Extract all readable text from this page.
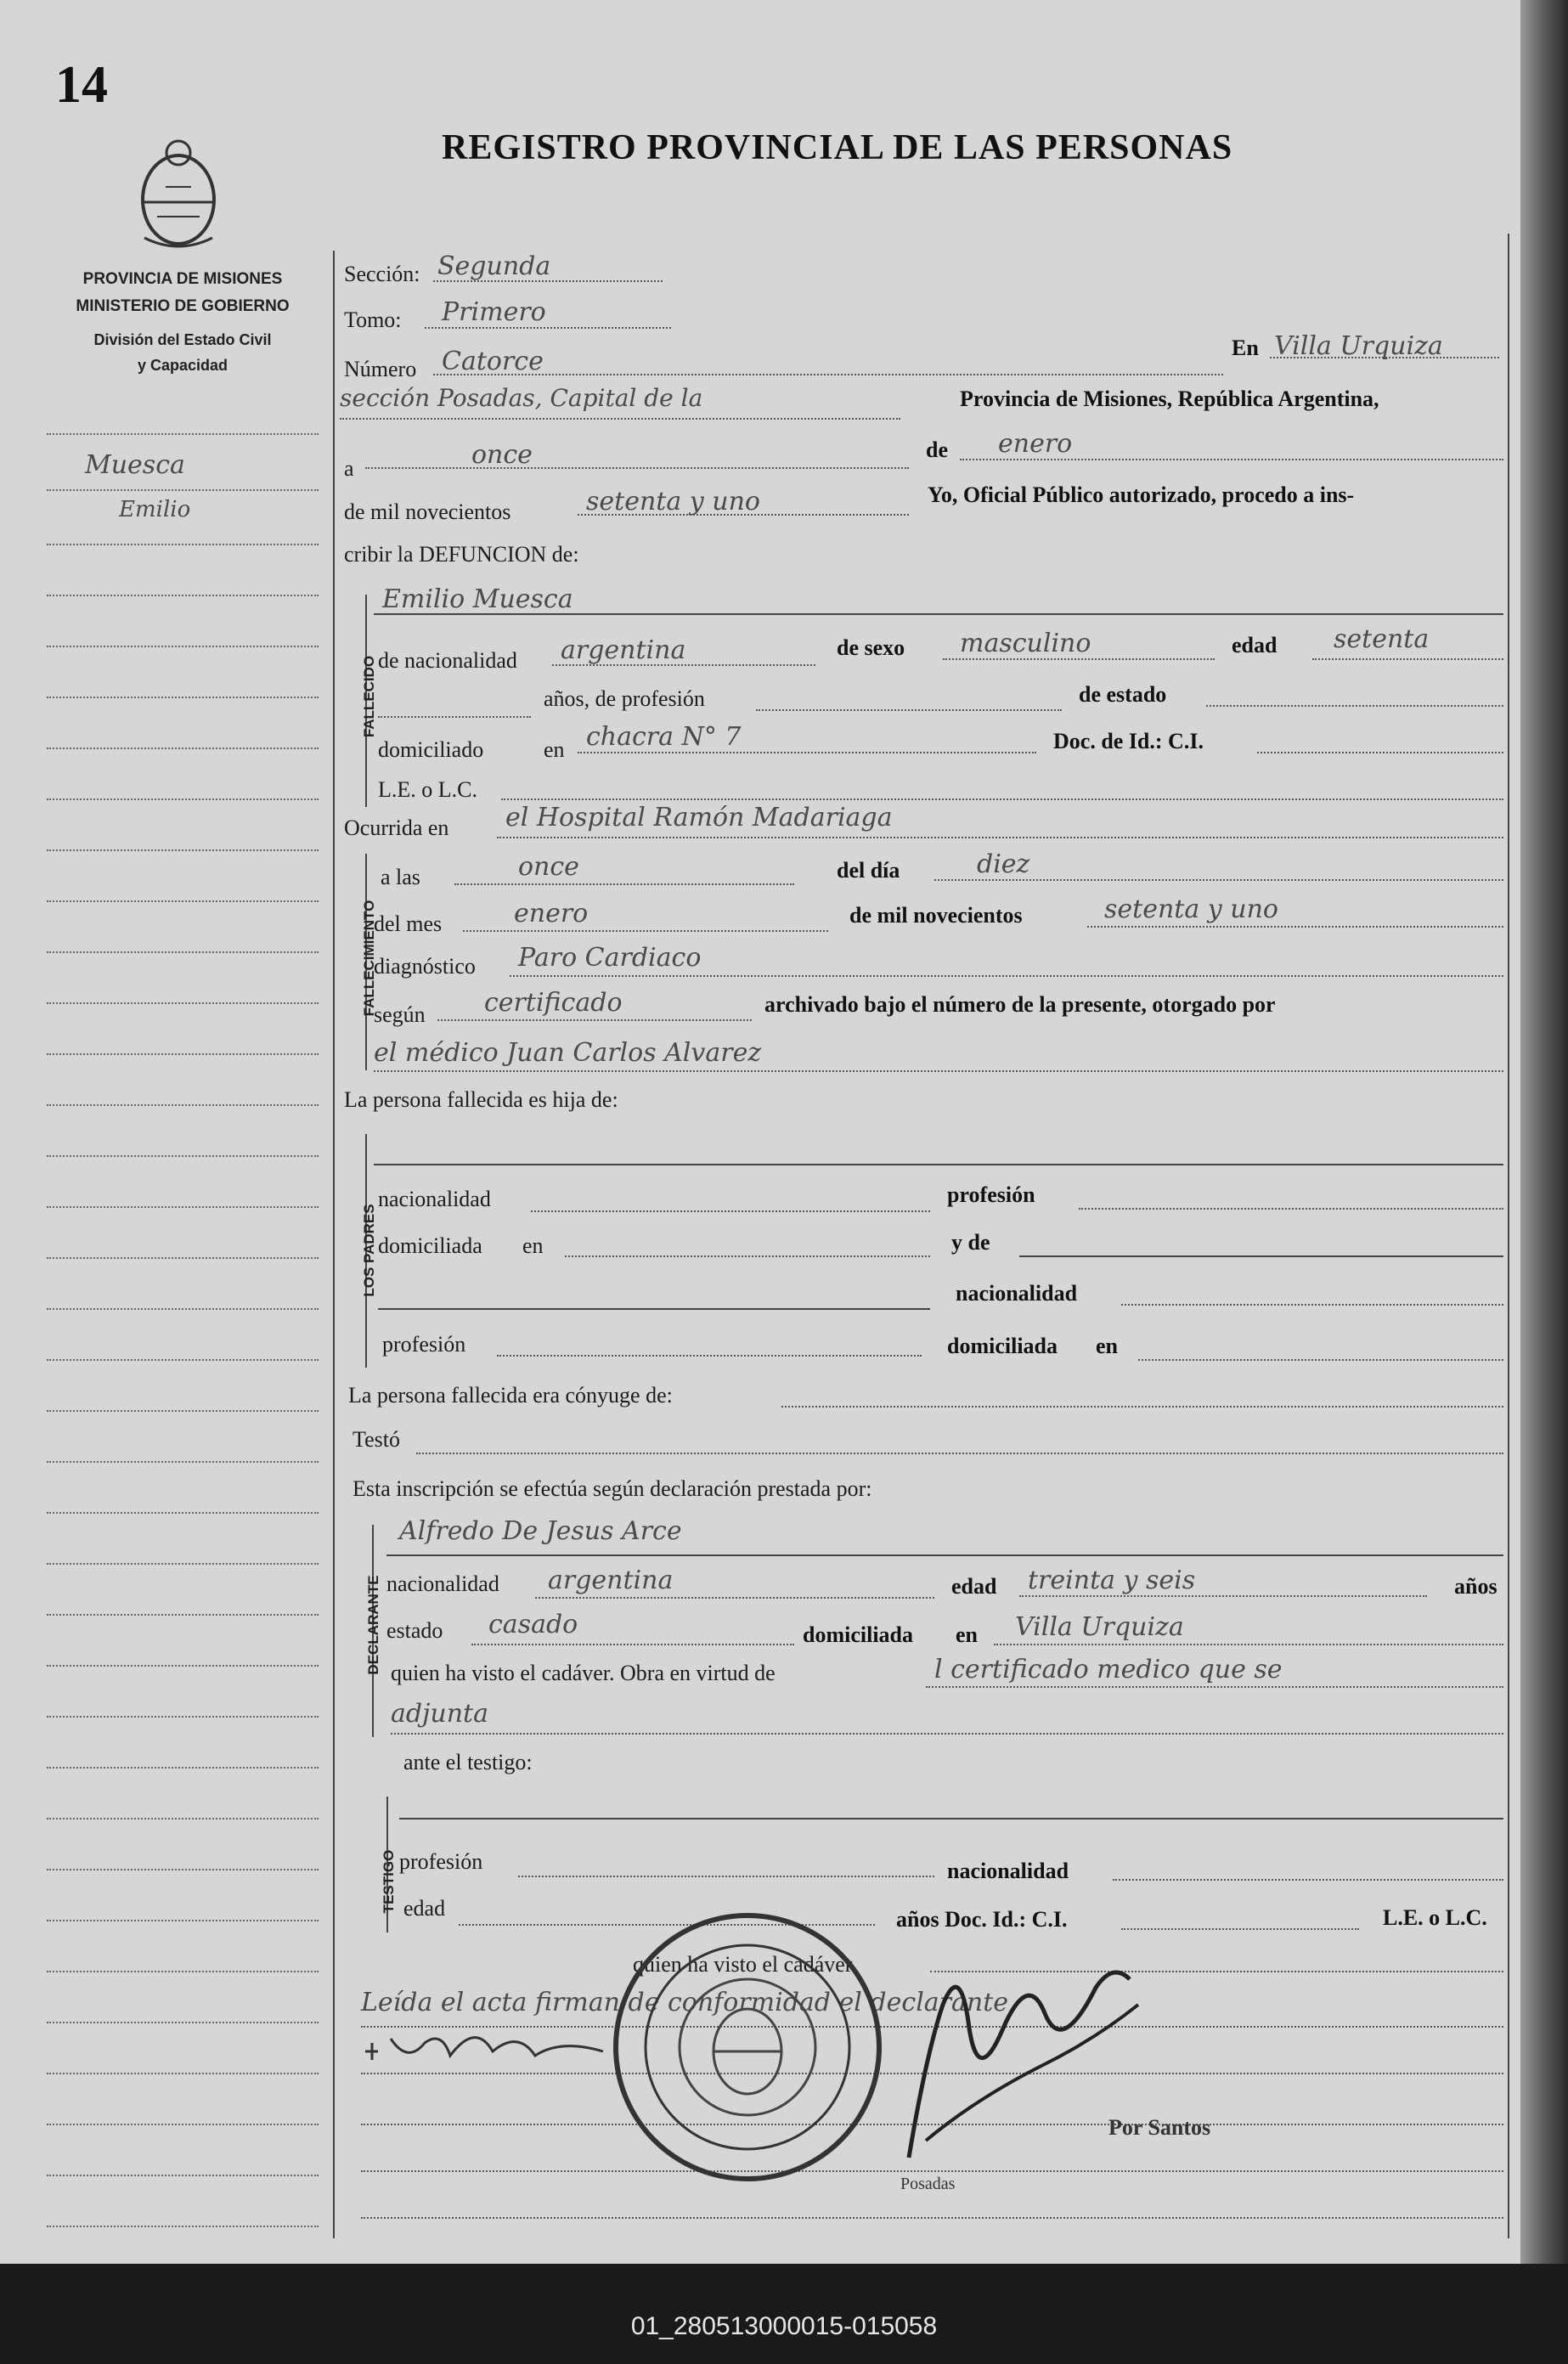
14
REGISTRO PROVINCIAL DE LAS PERSONAS
PROVINCIA DE MISIONES
MINISTERIO DE GOBIERNO
División del Estado Civil
y Capacidad
Muesca
Emilio
Sección: Segunda
Tomo: Primero
Número Catorce	En Villa Urquiza
sección Posadas, Capital de la	Provincia de Misiones, República Argentina,
a	once	de enero
de mil novecientos	setenta y uno	Yo, Oficial Público autorizado, procedo a ins-
cribir la DEFUNCION de:
FALLECIDO
Emilio Muesca
de nacionalidad argentina	de sexo masculino	edad setenta
años, de profesión	de estado
domiciliado	en chacra N° 7	Doc. de Id.: C.I.
L.E. o L.C.
Ocurrida en el Hospital Ramón Madariaga
FALLECIMIENTO
a las	once	del día	diez
del mes	enero	de mil novecientos	setenta y uno
diagnóstico Paro Cardiaco
según certificado	archivado bajo el número de la presente, otorgado por
el médico Juan Carlos Alvarez
La persona fallecida es hija de:
LOS PADRES
nacionalidad	profesión
domiciliada en	y de
nacionalidad
profesión	domiciliada en
La persona fallecida era cónyuge de:
Testó
Esta inscripción se efectúa según declaración prestada por:
DECLARANTE
Alfredo De Jesus Arce
nacionalidad argentina	edad treinta y seis	años
estado casado	domiciliada en Villa Urquiza
quien ha visto el cadáver. Obra en virtud de	l certificado medico que se
adjunta
ante el testigo:
TESTIGO profesión	nacionalidad
edad	años Doc. Id.: C.I.	L.E. o L.C.
quien ha visto el cadáver
Leída el acta firman de conformidad el declarante
Por Santos
Posadas
01_280513000015-015058
